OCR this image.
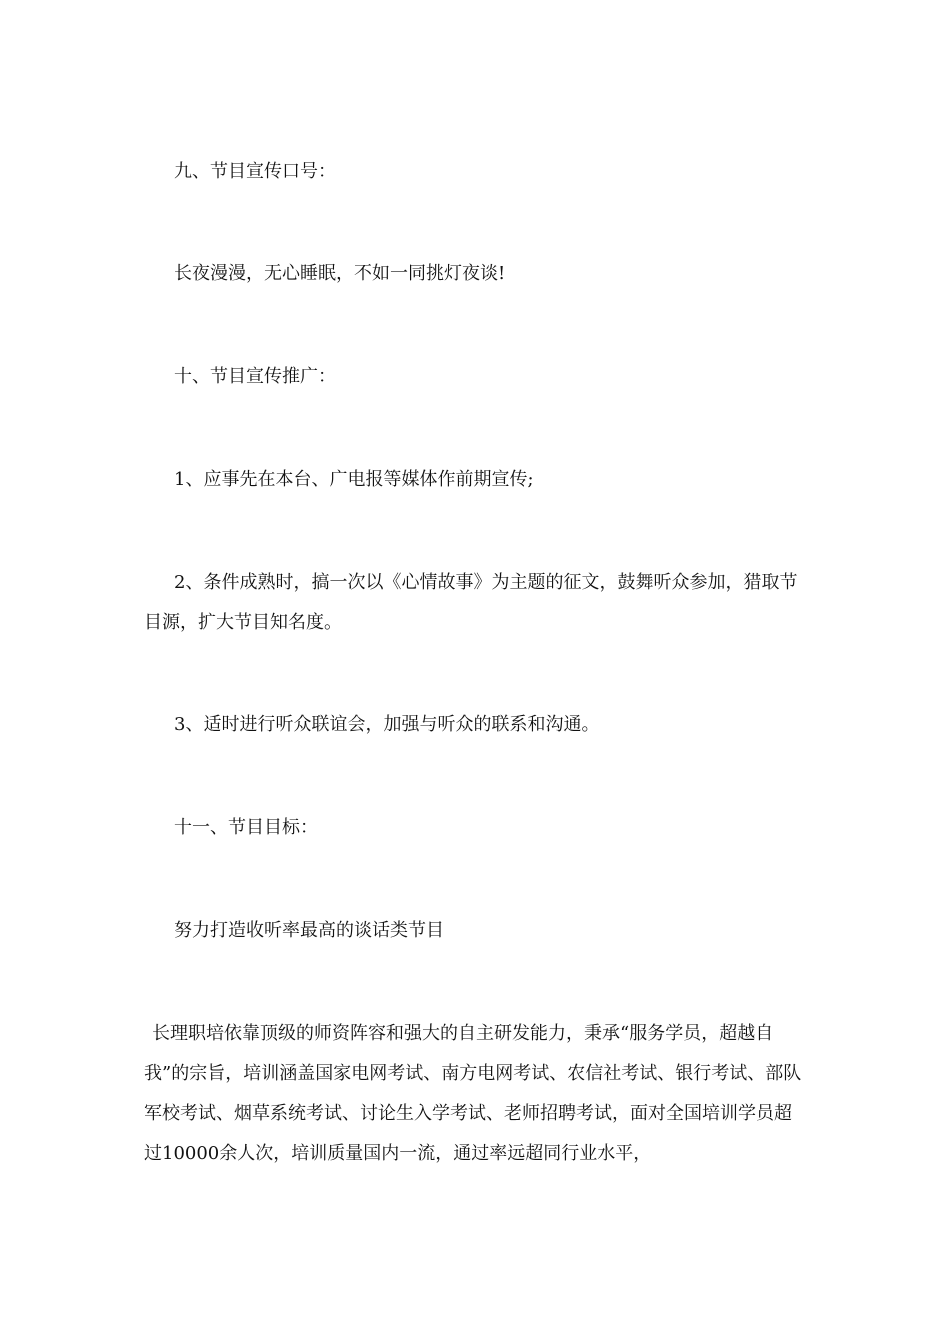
九、节目宣传口号：

长夜漫漫，无心睡眠，不如一同挑灯夜谈!

十、节目宣传推广：

1、应事先在本台、广电报等媒体作前期宣传;

2、条件成熟时，搞一次以《心情故事》为主题的征文，鼓舞听众参加，猎取节目源，扩大节目知名度。

3、适时进行听众联谊会，加强与听众的联系和沟通。

十一、节目目标：

努力打造收听率最高的谈话类节目

长理职培依靠顶级的师资阵容和强大的自主研发能力，秉承“服务学员，超越自我”的宗旨，培训涵盖国家电网考试、南方电网考试、农信社考试、银行考试、部队军校考试、烟草系统考试、讨论生入学考试、老师招聘考试，面对全国培训学员超过10000余人次，培训质量国内一流，通过率远超同行业水平，
